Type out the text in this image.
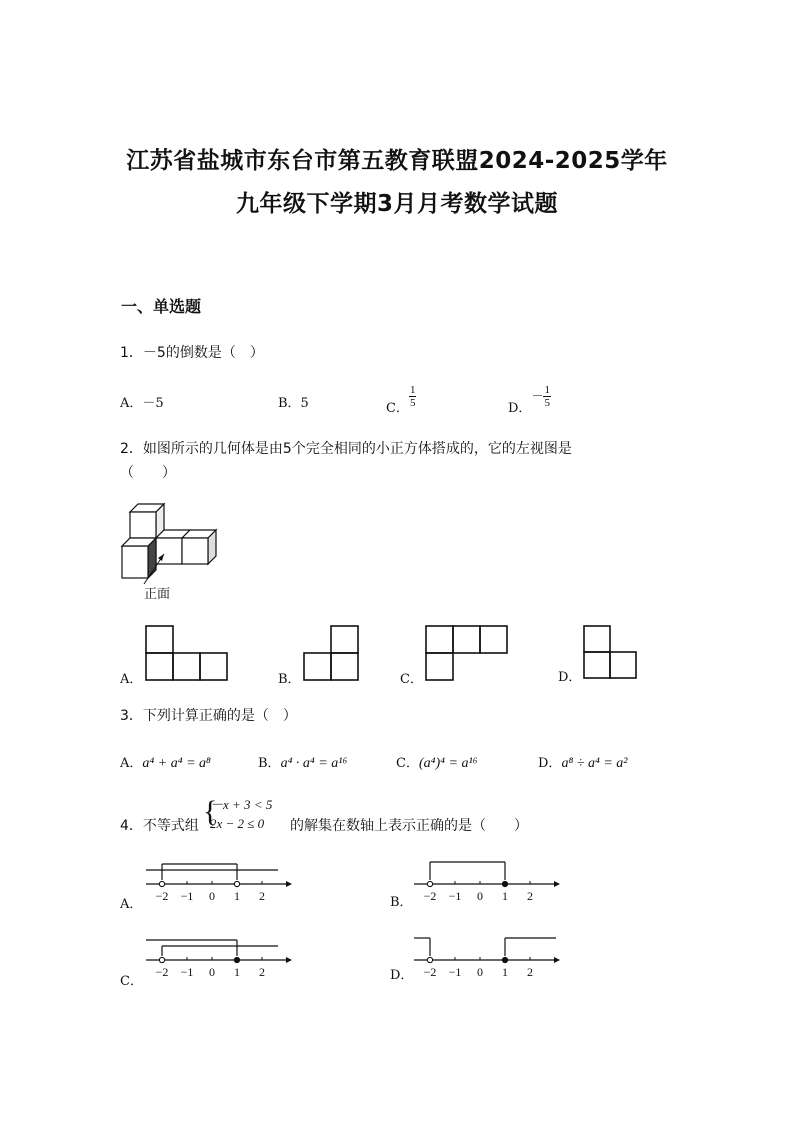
江苏省盐城市东台市第五教育联盟2024-2025学年
九年级下学期3月月考数学试题
一、单选题
1．－5的倒数是（　）
A．－5	B．5	C． $\frac{1}{5}$	D．－ $\frac{1}{5}$
2．如图所示的几何体是由5个完全相同的小正方体搭成的，它的左视图是
（　　）
正面
A．	B．	C．	D．
3．下列计算正确的是（　）
A．a⁴ + a⁴ = a⁸	B．a⁴ · a⁴ = a¹⁶	C．(a⁴)⁴ = a¹⁶	D．a⁸ ÷ a⁴ = a²
4．不等式组 {
－x + 3 < 5
2x − 2 ≤ 0	的解集在数轴上表示正确的是（　　）
A．
−2 −1 0 1 2	B． −2 −1 0 1 2
C．
−2 −1 0 1 2	D． −2 −1 0 1 2
